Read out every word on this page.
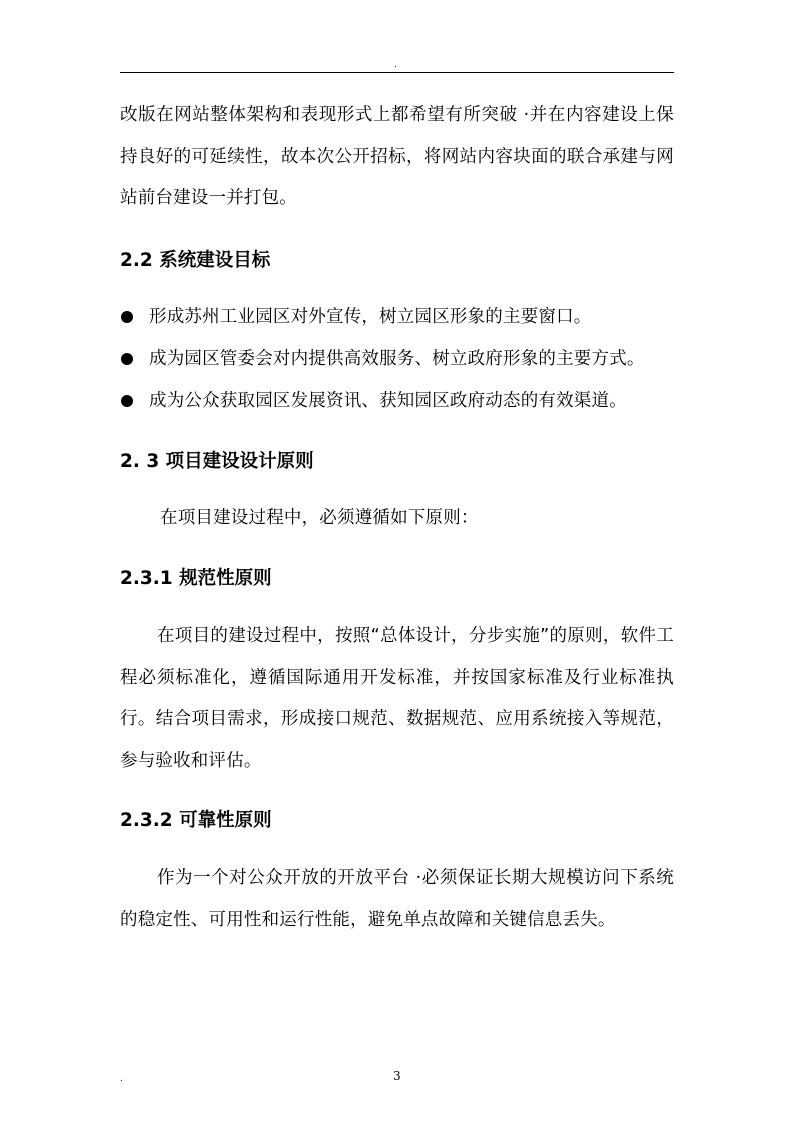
.

改版在网站整体架构和表现形式上都希望有所突破 ·并在内容建设上保持良好的可延续性，故本次公开招标，将网站内容块面的联合承建与网站前台建设一并打包。

2.2 系统建设目标
形成苏州工业园区对外宣传，树立园区形象的主要窗口。
成为园区管委会对内提供高效服务、树立政府形象的主要方式。
成为公众获取园区发展资讯、获知园区政府动态的有效渠道。
2. 3 项目建设设计原则

在项目建设过程中，必须遵循如下原则：

2.3.1 规范性原则

在项目的建设过程中，按照“总体设计，分步实施”的原则，软件工程必须标准化，遵循国际通用开发标准，并按国家标准及行业标准执行。结合项目需求，形成接口规范、数据规范、应用系统接入等规范，参与验收和评估。

2.3.2 可靠性原则

作为一个对公众开放的开放平台 ·必须保证长期大规模访问下系统的稳定性、可用性和运行性能，避免单点故障和关键信息丢失。

.	3
